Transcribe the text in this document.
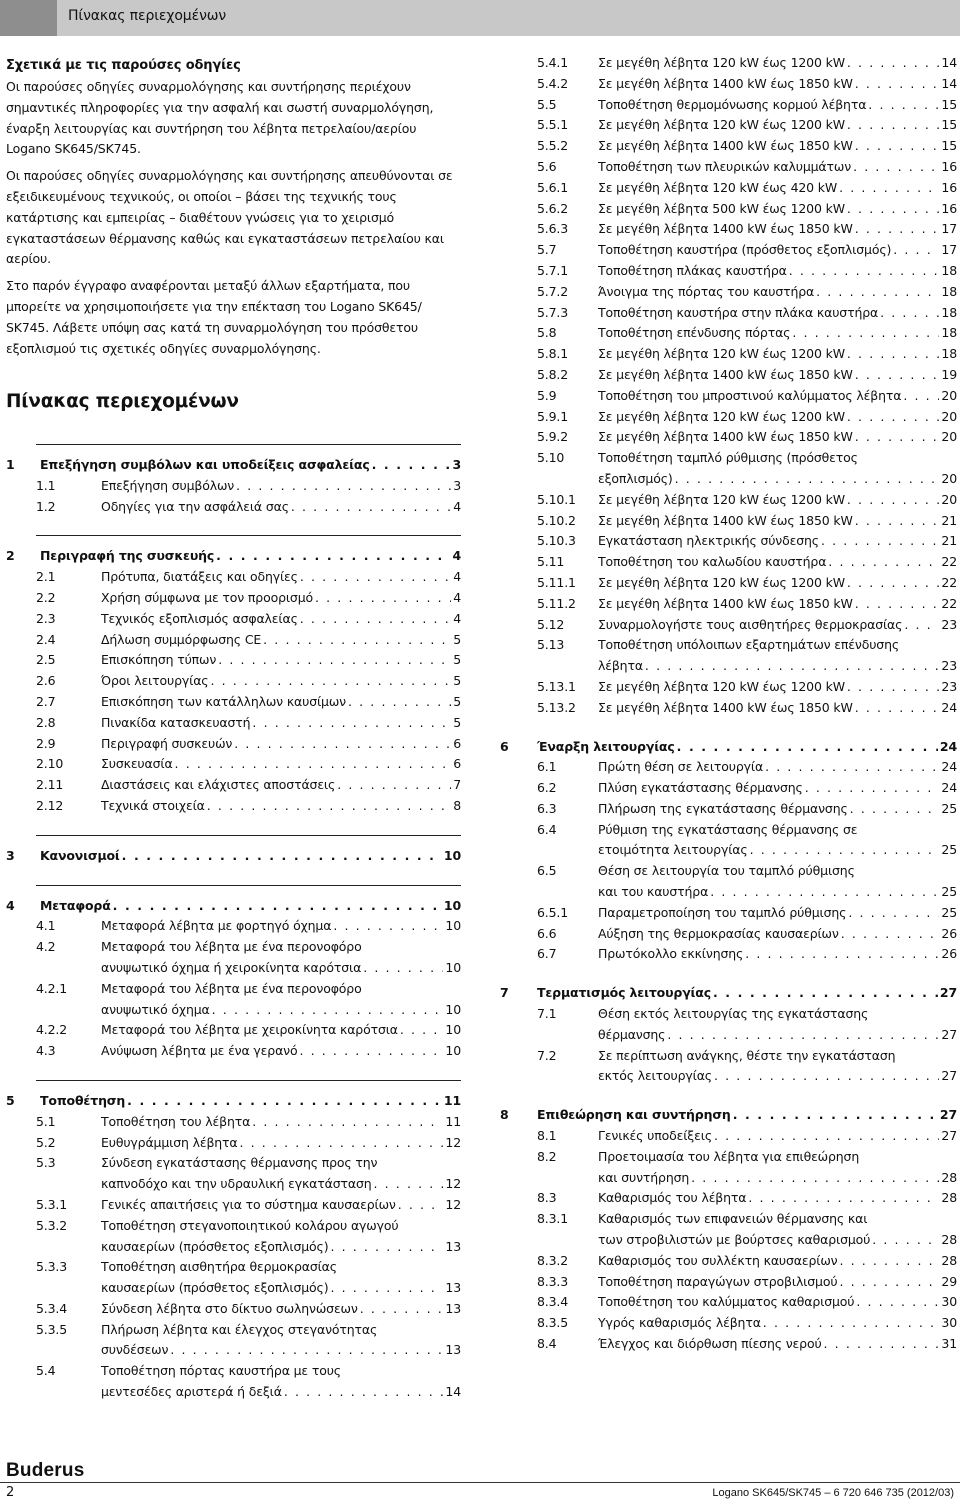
Πίνακας περιεχομένων
Σχετικά με τις παρούσες οδηγίες

Οι παρούσες οδηγίες συναρμολόγησης και συντήρησης περιέχουν σημαντικές πληροφορίες για την ασφαλή και σωστή συναρμολόγηση, έναρξη λειτουργίας και συντήρηση του λέβητα πετρελαίου/αερίου Logano SK645/SK745.

Οι παρούσες οδηγίες συναρμολόγησης και συντήρησης απευθύνονται σε εξειδικευμένους τεχνικούς, οι οποίοι – βάσει της τεχνικής τους κατάρτισης και εμπειρίας – διαθέτουν γνώσεις για το χειρισμό εγκαταστάσεων θέρμανσης καθώς και εγκαταστάσεων πετρελαίου και αερίου.

Στο παρόν έγγραφο αναφέρονται μεταξύ άλλων εξαρτήματα, που μπορείτε να χρησιμοποιήσετε για την επέκταση του Logano SK645/ SK745. Λάβετε υπόψη σας κατά τη συναρμολόγηση του πρόσθετου εξοπλισμού τις σχετικές οδηγίες συναρμολόγησης.

Πίνακας περιεχομένων
1	Επεξήγηση συμβόλων και υποδείξεις ασφαλείας . . .	3
1.1	Επεξήγηση συμβόλων . . .	3
1.2	Οδηγίες για την ασφάλειά σας . . .	4
2	Περιγραφή της συσκευής . . .	4
2.1	Πρότυπα, διατάξεις και οδηγίες . . .	4
2.2	Χρήση σύμφωνα με τον προορισμό . . .	4
2.3	Τεχνικός εξοπλισμός ασφαλείας . . .	4
2.4	Δήλωση συμμόρφωσης CE . . .	5
2.5	Επισκόπηση τύπων . . .	5
2.6	Όροι λειτουργίας . . .	5
2.7	Επισκόπηση των κατάλληλων καυσίμων . . .	5
2.8	Πινακίδα κατασκευαστή . . .	5
2.9	Περιγραφή συσκευών . . .	6
2.10	Συσκευασία . . .	6
2.11	Διαστάσεις και ελάχιστες αποστάσεις . . .	7
2.12	Τεχνικά στοιχεία . . .	8
3	Κανονισμοί . . .	10
4	Μεταφορά . . .	10
4.1	Μεταφορά λέβητα με φορτηγό όχημα . . .	10
4.2	Μεταφορά του λέβητα με ένα περονοφόρο
ανυψωτικό όχημα ή χειροκίνητα καρότσια . . .	10
4.2.1	Μεταφορά του λέβητα με ένα περονοφόρο
ανυψωτικό όχημα . . .	10
4.2.2	Μεταφορά του λέβητα με χειροκίνητα καρότσια . . .	10
4.3	Ανύψωση λέβητα με ένα γερανό . . .	10
5	Τοποθέτηση . . .	11
5.1	Τοποθέτηση του λέβητα . . .	11
5.2	Ευθυγράμμιση λέβητα . . .	12
5.3	Σύνδεση εγκατάστασης θέρμανσης προς την
καπνοδόχο και την υδραυλική εγκατάσταση . . .	12
5.3.1	Γενικές απαιτήσεις για το σύστημα καυσαερίων . . .	12
5.3.2	Τοποθέτηση στεγανοποιητικού κολάρου αγωγού
καυσαερίων (πρόσθετος εξοπλισμός) . . .	13
5.3.3	Τοποθέτηση αισθητήρα θερμοκρασίας
καυσαερίων (πρόσθετος εξοπλισμός) . . .	13
5.3.4	Σύνδεση λέβητα στο δίκτυο σωληνώσεων . . .	13
5.3.5	Πλήρωση λέβητα και έλεγχος στεγανότητας
συνδέσεων . . .	13
5.4	Τοποθέτηση πόρτας καυστήρα με τους
μεντεσέδες αριστερά ή δεξιά . . .	14
5.4.1	Σε μεγέθη λέβητα 120 kW έως 1200 kW . . .	14
5.4.2	Σε μεγέθη λέβητα 1400 kW έως 1850 kW . . .	14
5.5	Τοποθέτηση θερμομόνωσης κορμού λέβητα . . .	15
5.5.1	Σε μεγέθη λέβητα 120 kW έως 1200 kW . . .	15
5.5.2	Σε μεγέθη λέβητα 1400 kW έως 1850 kW . . .	15
5.6	Τοποθέτηση των πλευρικών καλυμμάτων . . .	16
5.6.1	Σε μεγέθη λέβητα 120 kW έως 420 kW . . .	16
5.6.2	Σε μεγέθη λέβητα 500 kW έως 1200 kW . . .	16
5.6.3	Σε μεγέθη λέβητα 1400 kW έως 1850 kW . . .	17
5.7	Τοποθέτηση καυστήρα (πρόσθετος εξοπλισμός) . . .	17
5.7.1	Τοποθέτηση πλάκας καυστήρα . . .	18
5.7.2	Άνοιγμα της πόρτας του καυστήρα . . .	18
5.7.3	Τοποθέτηση καυστήρα στην πλάκα καυστήρα . . .	18
5.8	Τοποθέτηση επένδυσης πόρτας . . .	18
5.8.1	Σε μεγέθη λέβητα 120 kW έως 1200 kW . . .	18
5.8.2	Σε μεγέθη λέβητα 1400 kW έως 1850 kW . . .	19
5.9	Τοποθέτηση του μπροστινού καλύμματος λέβητα . . .	20
5.9.1	Σε μεγέθη λέβητα 120 kW έως 1200 kW . . .	20
5.9.2	Σε μεγέθη λέβητα 1400 kW έως 1850 kW . . .	20
5.10	Τοποθέτηση ταμπλό ρύθμισης (πρόσθετος
εξοπλισμός) . . .	20
5.10.1	Σε μεγέθη λέβητα 120 kW έως 1200 kW . . .	20
5.10.2	Σε μεγέθη λέβητα 1400 kW έως 1850 kW . . .	21
5.10.3	Εγκατάσταση ηλεκτρικής σύνδεσης . . .	21
5.11	Τοποθέτηση του καλωδίου καυστήρα . . .	22
5.11.1	Σε μεγέθη λέβητα 120 kW έως 1200 kW . . .	22
5.11.2	Σε μεγέθη λέβητα 1400 kW έως 1850 kW . . .	22
5.12	Συναρμολογήστε τους αισθητήρες θερμοκρασίας . . .	23
5.13	Τοποθέτηση υπόλοιπων εξαρτημάτων επένδυσης
λέβητα . . .	23
5.13.1	Σε μεγέθη λέβητα 120 kW έως 1200 kW . . .	23
5.13.2	Σε μεγέθη λέβητα 1400 kW έως 1850 kW . . .	24
6	Έναρξη λειτουργίας . . .	24
6.1	Πρώτη θέση σε λειτουργία . . .	24
6.2	Πλύση εγκατάστασης θέρμανσης . . .	24
6.3	Πλήρωση της εγκατάστασης θέρμανσης . . .	25
6.4	Ρύθμιση της εγκατάστασης θέρμανσης σε
ετοιμότητα λειτουργίας . . .	25
6.5	Θέση σε λειτουργία του ταμπλό ρύθμισης
και του καυστήρα . . .	25
6.5.1	Παραμετροποίηση του ταμπλό ρύθμισης . . .	25
6.6	Αύξηση της θερμοκρασίας καυσαερίων . . .	26
6.7	Πρωτόκολλο εκκίνησης . . .	26
7	Τερματισμός λειτουργίας . . .	27
7.1	Θέση εκτός λειτουργίας της εγκατάστασης
θέρμανσης . . .	27
7.2	Σε περίπτωση ανάγκης, θέστε την εγκατάσταση
εκτός λειτουργίας . . .	27
8	Επιθεώρηση και συντήρηση . . .	27
8.1	Γενικές υποδείξεις . . .	27
8.2	Προετοιμασία του λέβητα για επιθεώρηση
και συντήρηση . . .	28
8.3	Καθαρισμός του λέβητα . . .	28
8.3.1	Καθαρισμός των επιφανειών θέρμανσης και
των στροβιλιστών με βούρτσες καθαρισμού . . .	28
8.3.2	Καθαρισμός του συλλέκτη καυσαερίων . . .	28
8.3.3	Τοποθέτηση παραγώγων στροβιλισμού . . .	29
8.3.4	Τοποθέτηση του καλύμματος καθαρισμού . . .	30
8.3.5	Υγρός καθαρισμός λέβητα . . .	30
8.4	Έλεγχος και διόρθωση πίεσης νερού . . .	31
Buderus
2	Logano SK645/SK745 – 6 720 646 735 (2012/03)
